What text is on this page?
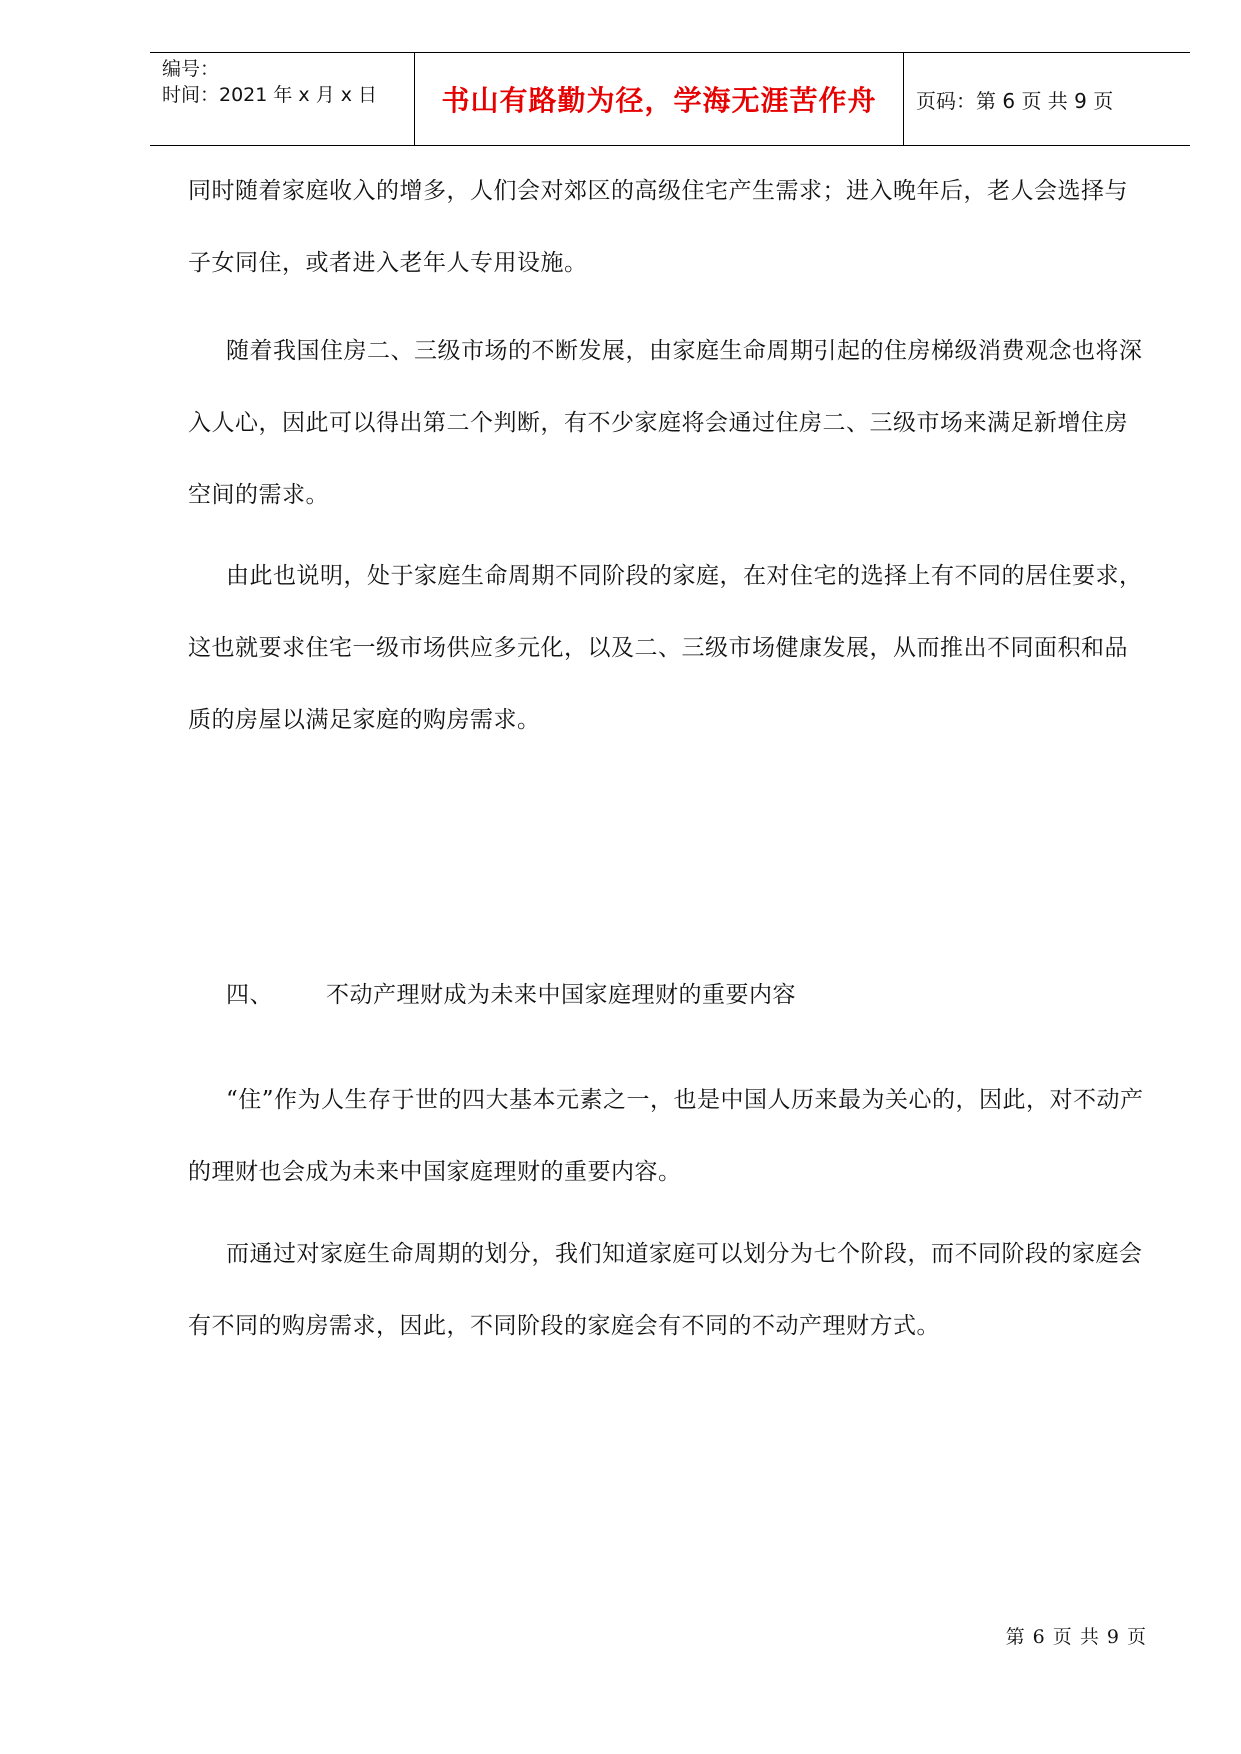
编号：
时间：2021 年 x 月 x 日	书山有路勤为径，学海无涯苦作舟	页码：第 6 页 共 9 页

同时随着家庭收入的增多，人们会对郊区的高级住宅产生需求；进入晚年后，老人会选择与子女同住，或者进入老年人专用设施。

随着我国住房二、三级市场的不断发展，由家庭生命周期引起的住房梯级消费观念也将深入人心，因此可以得出第二个判断，有不少家庭将会通过住房二、三级市场来满足新增住房空间的需求。

由此也说明，处于家庭生命周期不同阶段的家庭，在对住宅的选择上有不同的居住要求，这也就要求住宅一级市场供应多元化，以及二、三级市场健康发展，从而推出不同面积和品质的房屋以满足家庭的购房需求。

四、 不动产理财成为未来中国家庭理财的重要内容

“住”作为人生存于世的四大基本元素之一，也是中国人历来最为关心的，因此，对不动产的理财也会成为未来中国家庭理财的重要内容。

而通过对家庭生命周期的划分，我们知道家庭可以划分为七个阶段，而不同阶段的家庭会有不同的购房需求，因此，不同阶段的家庭会有不同的不动产理财方式。

第 6 页 共 9 页
